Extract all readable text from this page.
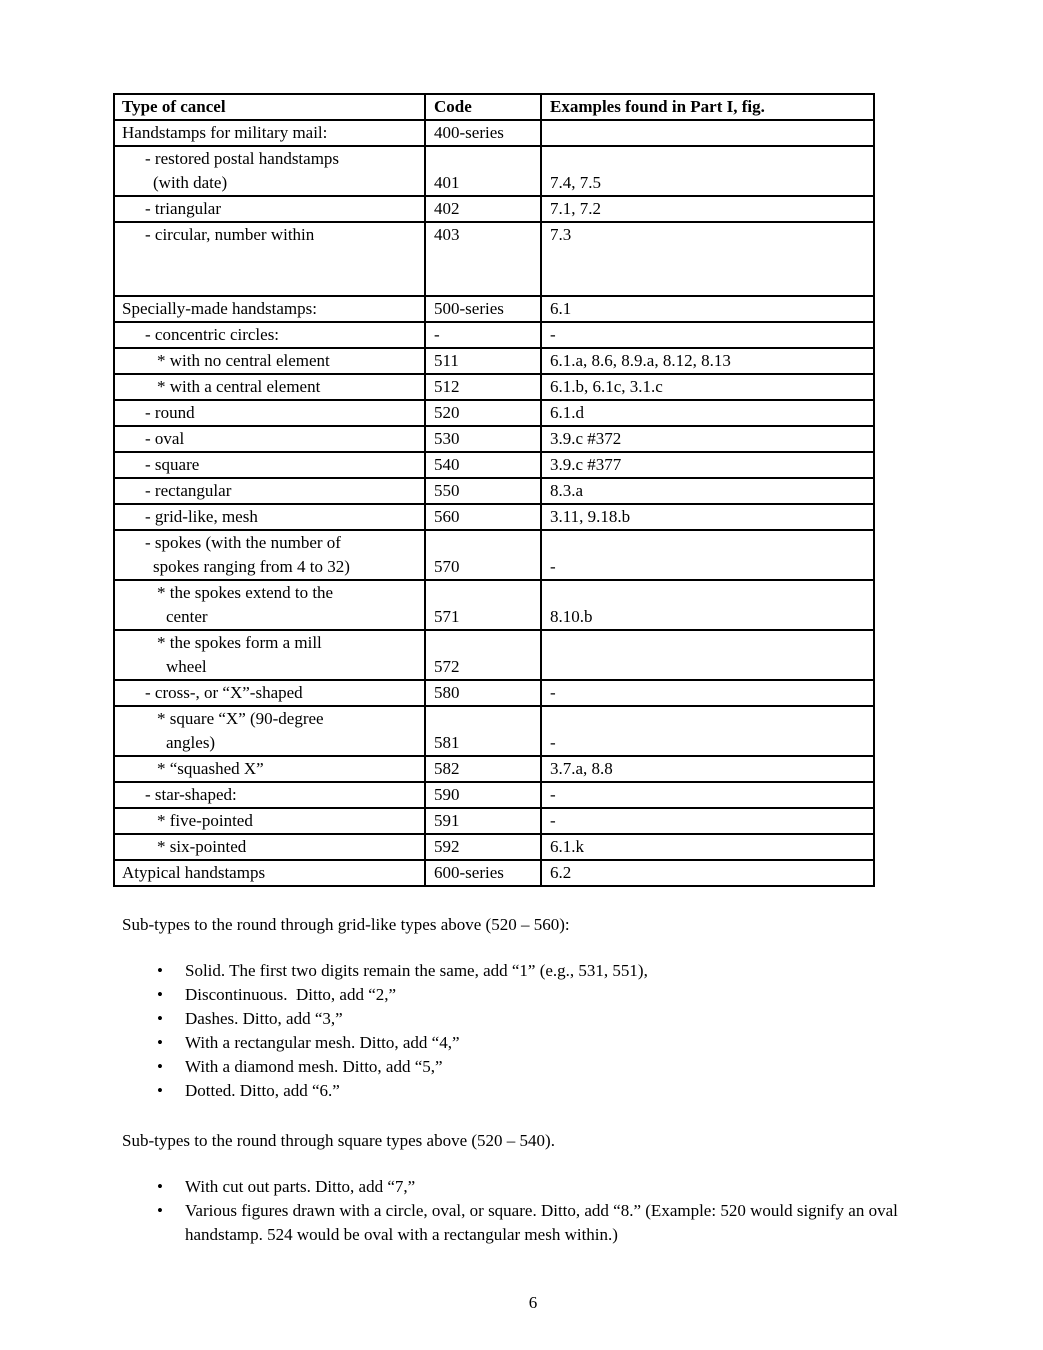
Type of cancel	Code	Examples found in Part I, fig.

Handstamps for military mail:	400-series	

- restored postal handstamps
(with date)	401	7.4, 7.5

- triangular	402	7.1, 7.2

- circular, number within	403	7.3

Specially-made handstamps:	500-series	6.1

- concentric circles:	-	-

* with no central element	511	6.1.a, 8.6, 8.9.a, 8.12, 8.13

* with a central element	512	6.1.b, 6.1c, 3.1.c

- round	520	6.1.d

- oval	530	3.9.c #372

- square	540	3.9.c #377

- rectangular	550	8.3.a

- grid-like, mesh	560	3.11, 9.18.b

- spokes (with the number of
spokes ranging from 4 to 32)	570	-

* the spokes extend to the
center	571	8.10.b

* the spokes form a mill
wheel	572	

- cross-, or “X”-shaped	580	-

* square “X” (90-degree
angles)	581	-

* “squashed X”	582	3.7.a, 8.8

- star-shaped:	590	-

* five-pointed	591	-

* six-pointed	592	6.1.k

Atypical handstamps	600-series	6.2
Sub-types to the round through grid-like types above (520 – 560):
• Solid. The first two digits remain the same, add “1” (e.g., 531, 551),
• Discontinuous.  Ditto, add “2,”
• Dashes. Ditto, add “3,”
• With a rectangular mesh. Ditto, add “4,”
• With a diamond mesh. Ditto, add “5,”
• Dotted. Ditto, add “6.”
Sub-types to the round through square types above (520 – 540).
• With cut out parts. Ditto, add “7,”
• Various figures drawn with a circle, oval, or square. Ditto, add “8.” (Example: 520 would signify an oval handstamp. 524 would be oval with a rectangular mesh within.)
6
